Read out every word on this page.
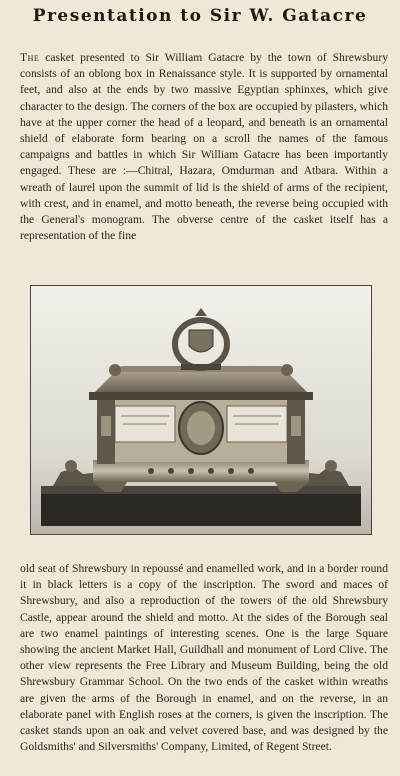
Presentation to Sir W. Gatacre
The casket presented to Sir William Gatacre by the town of Shrewsbury consists of an oblong box in Renaissance style. It is supported by ornamental feet, and also at the ends by two massive Egyptian sphinxes, which give character to the design. The corners of the box are occupied by pilasters, which have at the upper corner the head of a leopard, and beneath is an ornamental shield of elaborate form bearing on a scroll the names of the famous campaigns and battles in which Sir William Gatacre has been importantly engaged. These are :—Chitral, Hazara, Omdurman and Atbara. Within a wreath of laurel upon the summit of lid is the shield of arms of the recipient, with crest, and in enamel, and motto beneath, the reverse being occupied with the General's monogram. The obverse centre of the casket itself has a representation of the fine
old seat of Shrewsbury in repoussé and enamelled work, and in a border round it in black letters is a copy of the inscription. The sword and maces of Shrewsbury, and also a reproduction of the towers of the old Shrewsbury Castle, appear around the shield and motto. At the sides of the Borough seal are two enamel paintings of interesting scenes. One is the large Square showing the ancient Market Hall, Guildhall and monument of Lord Clive. The other view represents the Free Library and Museum Building, being the old Shrewsbury Grammar School. On the two ends of the casket within wreaths are given the arms of the Borough in enamel, and on the reverse, in an elaborate panel with English roses at the corners, is given the inscription. The casket stands upon an oak and velvet covered base, and was designed by the Goldsmiths' and Silversmiths' Company, Limited, of Regent Street.
